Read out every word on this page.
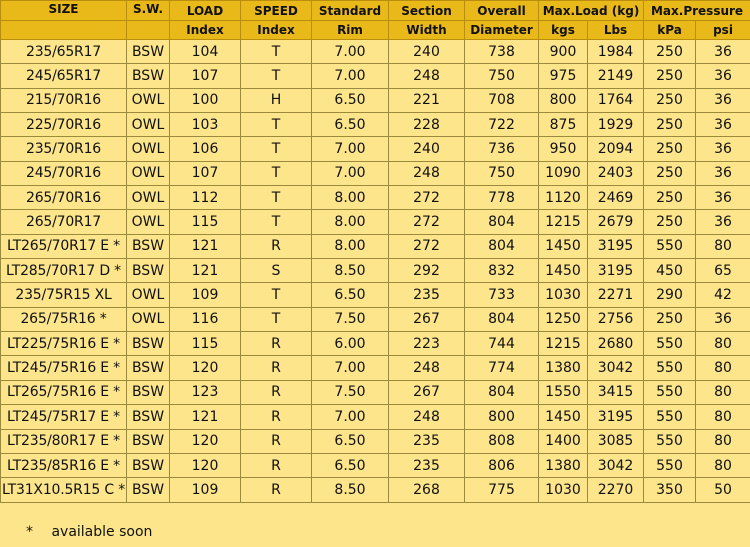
SIZE	S.W.	LOAD	SPEED	Standard	Section	Overall	Max.Load (kg)		Max.Pressure	
		Index	Index	Rim	Width	Diameter	kgs	Lbs	kPa	psi
235/65R17	BSW	104	T	7.00	240	738	900	1984	250	36
245/65R17	BSW	107	T	7.00	248	750	975	2149	250	36
215/70R16	OWL	100	H	6.50	221	708	800	1764	250	36
225/70R16	OWL	103	T	6.50	228	722	875	1929	250	36
235/70R16	OWL	106	T	7.00	240	736	950	2094	250	36
245/70R16	OWL	107	T	7.00	248	750	1090	2403	250	36
265/70R16	OWL	112	T	8.00	272	778	1120	2469	250	36
265/70R17	OWL	115	T	8.00	272	804	1215	2679	250	36
LT265/70R17 E *	BSW	121	R	8.00	272	804	1450	3195	550	80
LT285/70R17 D *	BSW	121	S	8.50	292	832	1450	3195	450	65
235/75R15 XL	OWL	109	T	6.50	235	733	1030	2271	290	42
265/75R16 *	OWL	116	T	7.50	267	804	1250	2756	250	36
LT225/75R16 E *	BSW	115	R	6.00	223	744	1215	2680	550	80
LT245/75R16 E *	BSW	120	R	7.00	248	774	1380	3042	550	80
LT265/75R16 E *	BSW	123	R	7.50	267	804	1550	3415	550	80
LT245/75R17 E *	BSW	121	R	7.00	248	800	1450	3195	550	80
LT235/80R17 E *	BSW	120	R	6.50	235	808	1400	3085	550	80
LT235/85R16 E *	BSW	120	R	6.50	235	806	1380	3042	550	80
LT31X10.5R15 C *	BSW	109	R	8.50	268	775	1030	2270	350	50
* available soon
